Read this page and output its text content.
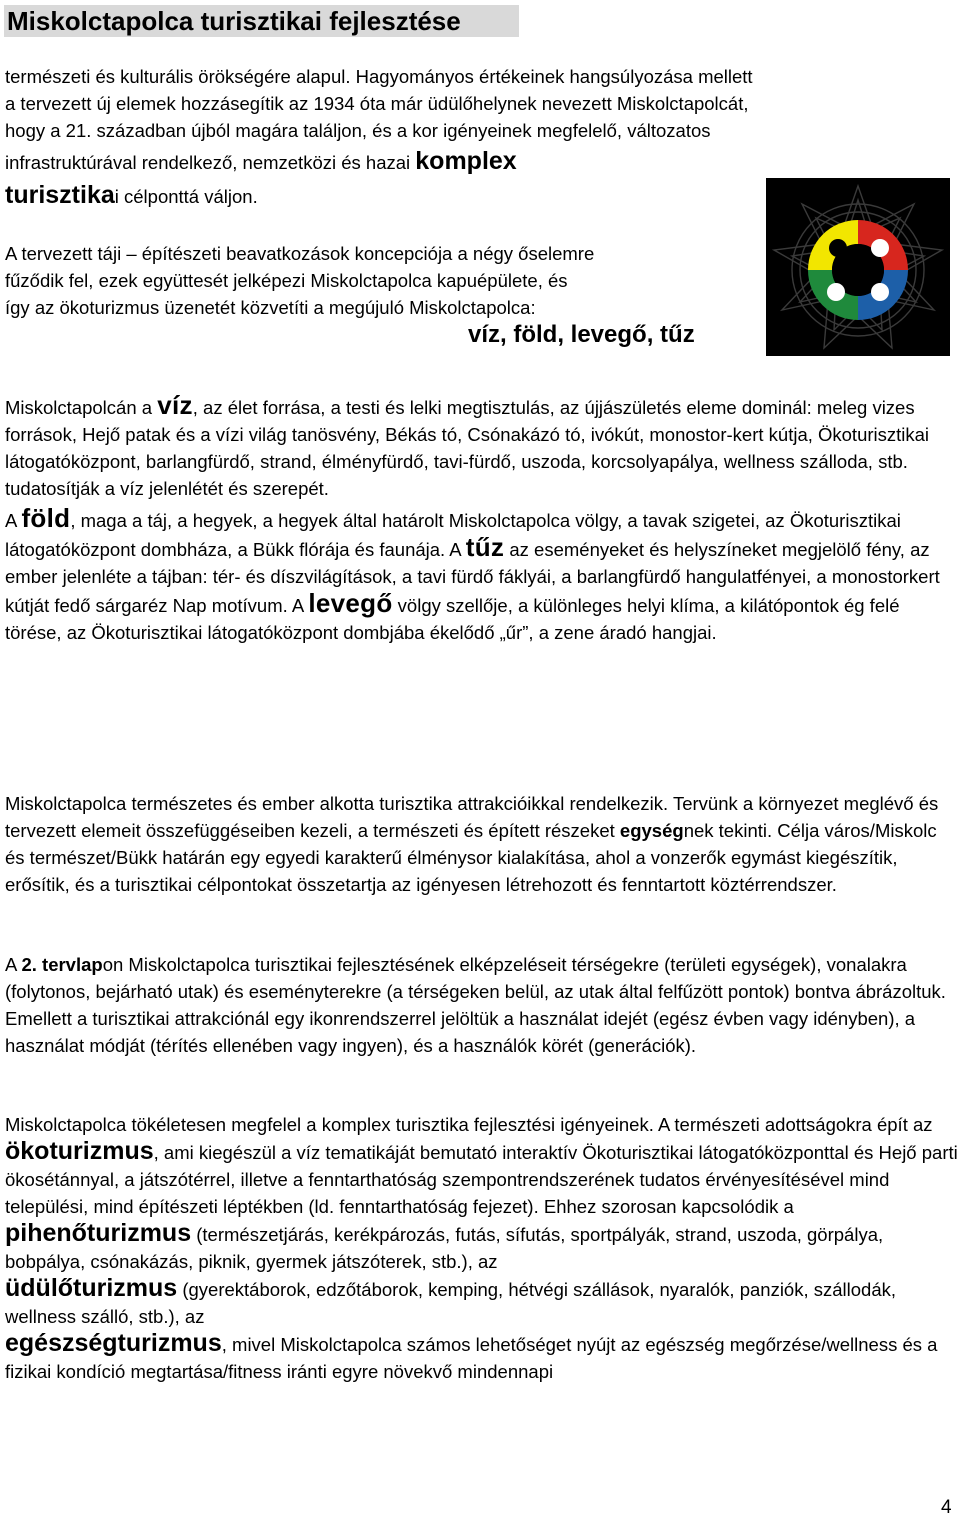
Miskolctapolca turisztikai fejlesztése
természeti és kulturális örökségére alapul. Hagyományos értékeinek hangsúlyozása mellett
a tervezett új elemek hozzásegítik az 1934 óta már üdülőhelynek nevezett Miskolctapolcát,
hogy a 21. században újból magára találjon, és a kor igényeinek megfelelő, változatos
infrastruktúrával rendelkező, nemzetközi és hazai komplex
turisztikai célponttá váljon.
A tervezett táji – építészeti beavatkozások koncepciója a négy őselemre
fűződik fel, ezek együttesét jelképezi Miskolctapolca kapuépülete, és
így az ökoturizmus üzenetét közvetíti a megújuló Miskolctapolca:
víz, föld, levegő, tűz

Miskolctapolcán a víz, az élet forrása, a testi és lelki megtisztulás, az újjászületés eleme dominál: meleg vizes források, Hejő patak és a vízi világ tanösvény, Békás tó, Csónakázó tó, ivókút, monostor-kert kútja, Ökoturisztikai látogatóközpont, barlangfürdő, strand, élményfürdő, tavi-fürdő, uszoda, korcsolyapálya, wellness szálloda, stb. tudatosítják a víz jelenlétét és szerepét.

A föld, maga a táj, a hegyek, a hegyek által határolt Miskolctapolca völgy, a tavak szigetei, az Ökoturisztikai látogatóközpont dombháza, a Bükk flórája és faunája. A tűz az eseményeket és helyszíneket megjelölő fény, az ember jelenléte a tájban: tér- és díszvilágítások, a tavi fürdő fáklyái, a barlangfürdő hangulatfényei, a monostorkert kútját fedő sárgaréz Nap motívum. A levegő völgy szellője, a különleges helyi klíma, a kilátópontok ég felé törése, az Ökoturisztikai látogatóközpont dombjába ékelődő „űr”, a zene áradó hangjai.

Miskolctapolca természetes és ember alkotta turisztika attrakcióikkal rendelkezik. Tervünk a környezet meglévő és tervezett elemeit összefüggéseiben kezeli, a természeti és épített részeket egységnek tekinti. Célja város/Miskolc és természet/Bükk határán egy egyedi karakterű élménysor kialakítása, ahol a vonzerők egymást kiegészítik, erősítik, és a turisztikai célpontokat összetartja az igényesen létrehozott és fenntartott köztérrendszer.

A 2. tervlapon Miskolctapolca turisztikai fejlesztésének elképzeléseit térségekre (területi egységek), vonalakra (folytonos, bejárható utak) és eseményterekre (a térségeken belül, az utak által felfűzött pontok) bontva ábrázoltuk. Emellett a turisztikai attrakciónál egy ikonrendszerrel jelöltük a használat idejét (egész évben vagy idényben), a használat módját (térítés ellenében vagy ingyen), és a használók körét (generációk).

Miskolctapolca tökéletesen megfelel a komplex turisztika fejlesztési igényeinek. A természeti adottságokra épít az
ökoturizmus, ami kiegészül a víz tematikáját bemutató interaktív Ökoturisztikai látogatóközponttal és Hejő parti ökosétánnyal, a játszótérrel, illetve a fenntarthatóság szempontrendszerének tudatos érvényesítésével mind települési, mind építészeti léptékben (ld. fenntarthatóság fejezet). Ehhez szorosan kapcsolódik a
pihenőturizmus (természetjárás, kerékpározás, futás, sífutás, sportpályák, strand, uszoda, görpálya, bobpálya, csónakázás, piknik, gyermek játszóterek, stb.), az
üdülőturizmus (gyerektáborok, edzőtáborok, kemping, hétvégi szállások, nyaralók, panziók, szállodák, wellness szálló, stb.), az
egészségturizmus, mivel Miskolctapolca számos lehetőséget nyújt az egészség megőrzése/wellness és a fizikai kondíció megtartása/fitness iránti egyre növekvő mindennapi

4
